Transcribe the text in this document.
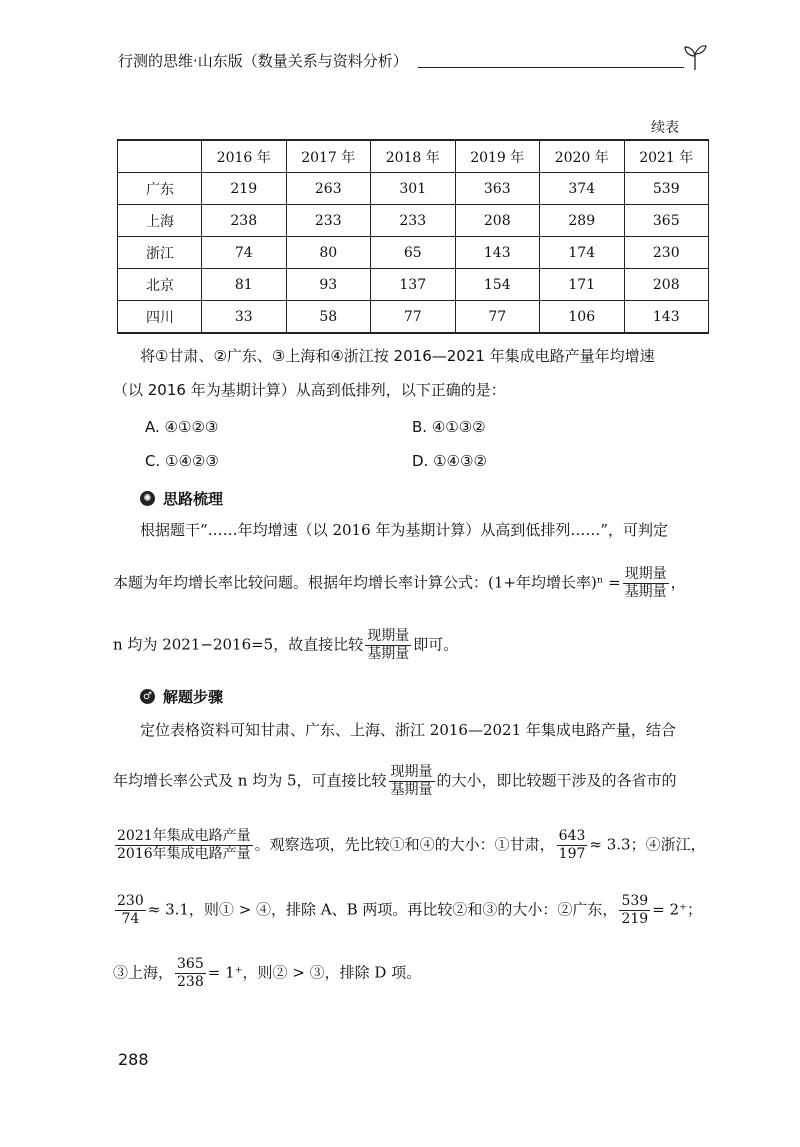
行测的思维·山东版（数量关系与资料分析）
续表
	2016 年	2017 年	2018 年	2019 年	2020 年	2021 年
广东	219	263	301	363	374	539
上海	238	233	233	208	289	365
浙江	74	80	65	143	174	230
北京	81	93	137	154	171	208
四川	33	58	77	77	106	143
将①甘肃、②广东、③上海和④浙江按 2016—2021 年集成电路产量年均增速
（以 2016 年为基期计算）从高到低排列，以下正确的是：
A. ④①②③	B. ④①③②
C. ①④②③	D. ①④③②
✺ 思路梳理
根据题干“……年均增速（以 2016 年为基期计算）从高到低排列……”，可判定
本题为年均增长率比较问题。根据年均增长率计算公式：(1+年均增长率)$^n = \frac{\text{现期量}}{\text{基期量}}$ ，
n 均为 2021−2016=5，故直接比较 $\frac{\text{现期量}}{\text{基期量}}$ 即可。
♂ 解题步骤
定位表格资料可知甘肃、广东、上海、浙江 2016—2021 年集成电路产量，结合
年均增长率公式及 n 均为 5，可直接比较 $\frac{\text{现期量}}{\text{基期量}}$ 的大小，即比较题干涉及的各省市的
$\frac{\text{2021年集成电路产量}}{\text{2016年集成电路产量}}$ 。观察选项，先比较①和④的大小：①甘肃， $\frac{643}{197} \approx 3.3$；④浙江，
$\frac{230}{74} \approx 3.1$，则① > ④，排除 A、B 两项。再比较②和③的大小：②广东， $\frac{539}{219} = 2^+$；
③上海， $\frac{365}{238} = 1^+$，则② > ③，排除 D 项。
288
